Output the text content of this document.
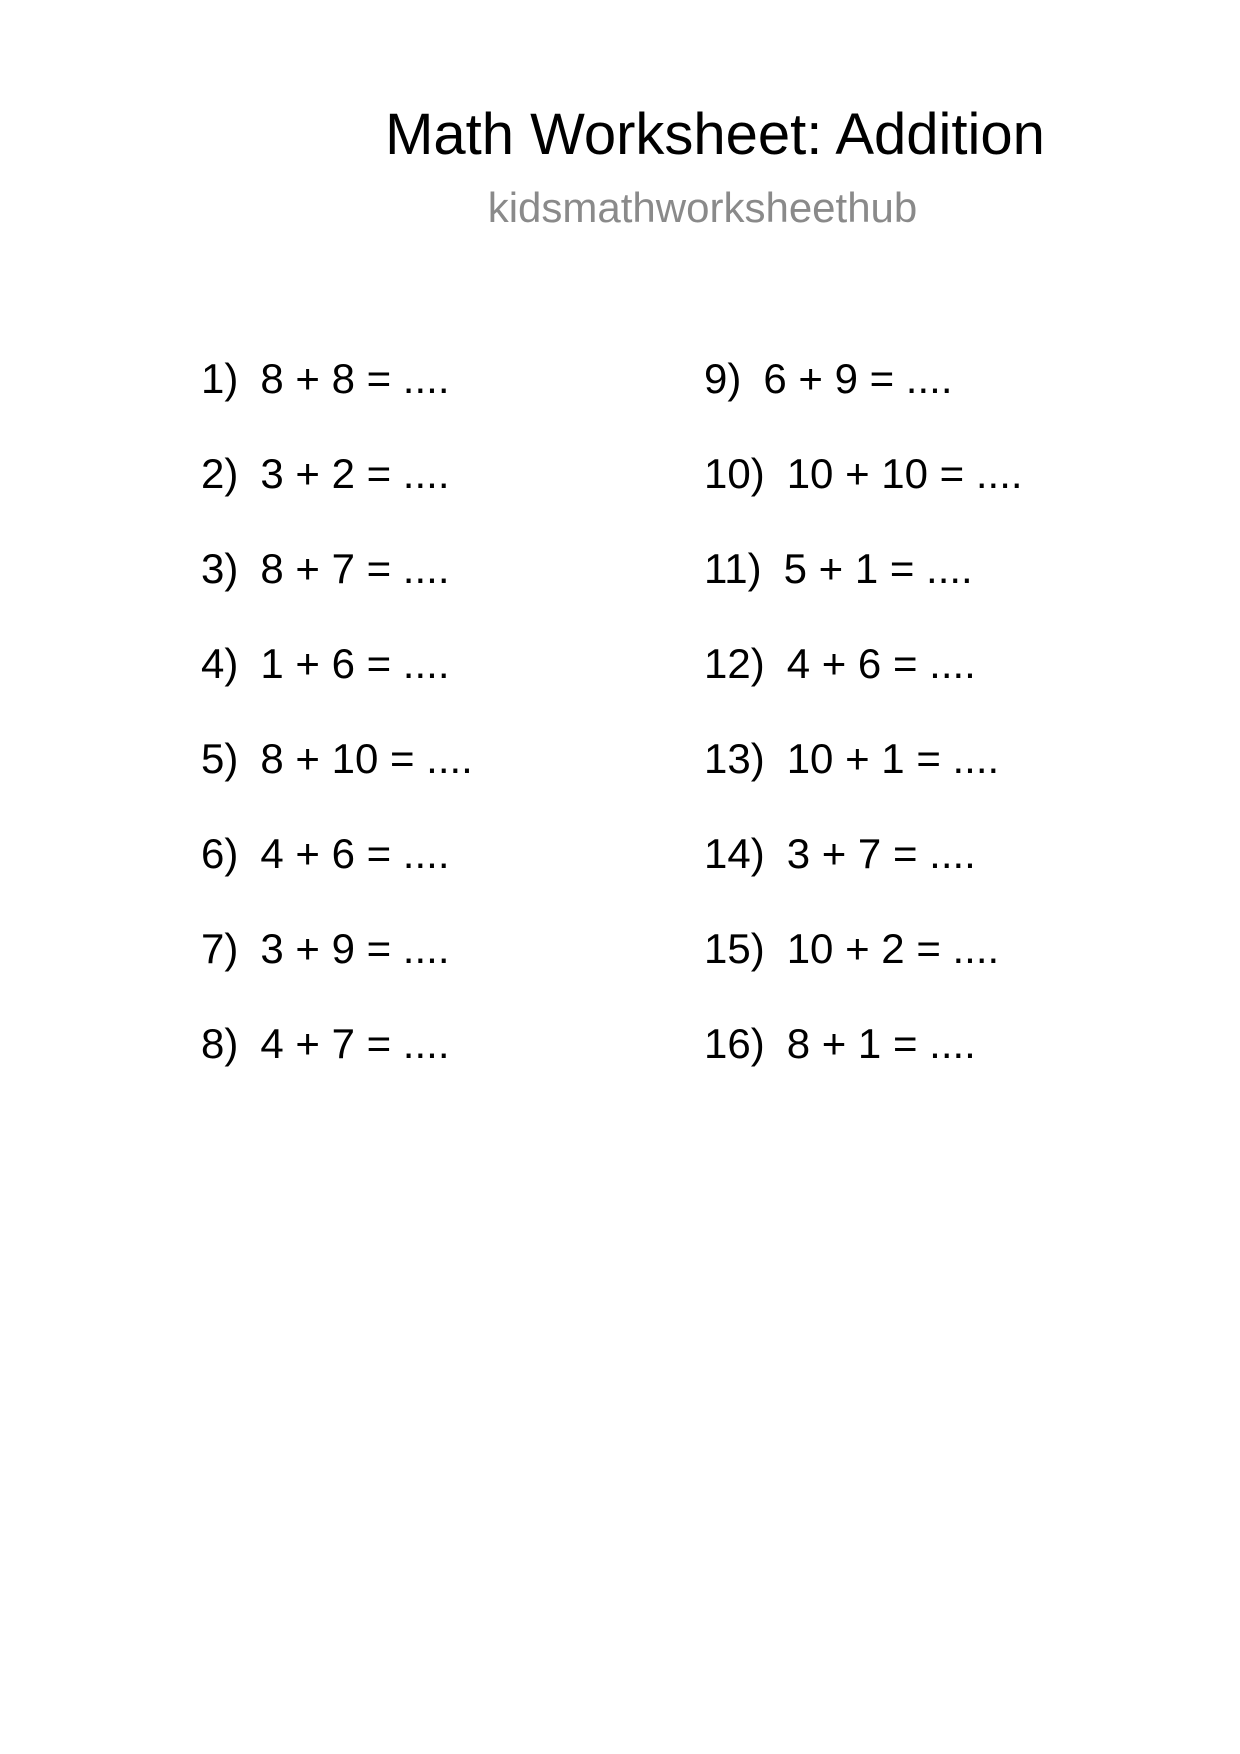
Math Worksheet: Addition
kidsmathworksheethub
1) 8 + 8 = ....
2) 3 + 2 = ....
3) 8 + 7 = ....
4) 1 + 6 = ....
5) 8 + 10 = ....
6) 4 + 6 = ....
7) 3 + 9 = ....
8) 4 + 7 = ....
9) 6 + 9 = ....
10) 10 + 10 = ....
11) 5 + 1 = ....
12) 4 + 6 = ....
13) 10 + 1 = ....
14) 3 + 7 = ....
15) 10 + 2 = ....
16) 8 + 1 = ....
